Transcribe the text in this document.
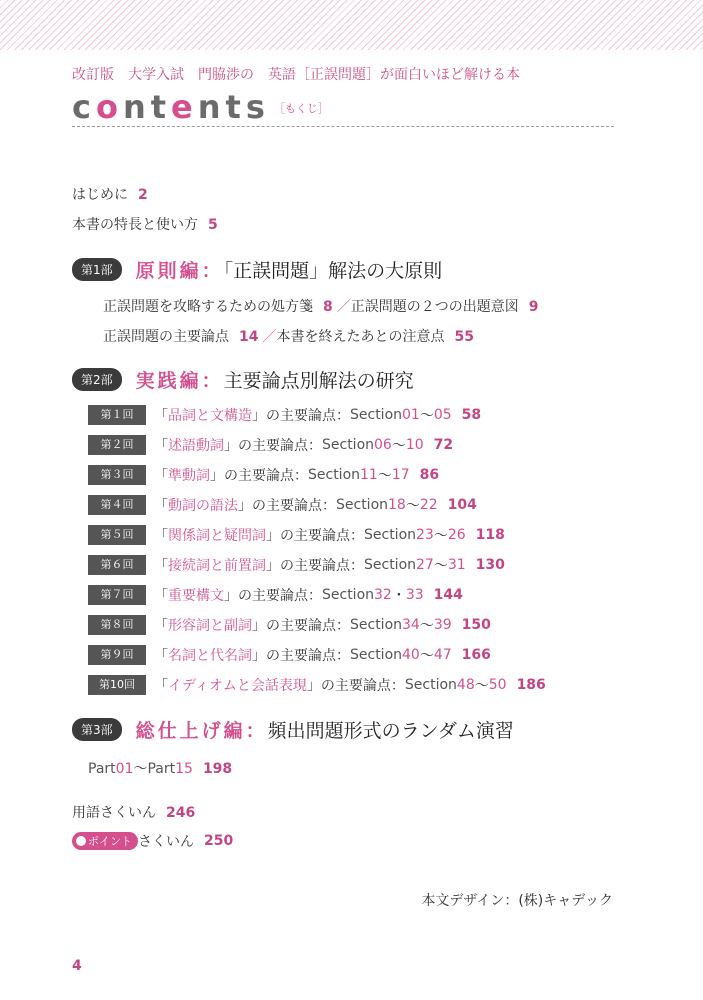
改訂版　大学入試　門脇渉の　英語［正誤問題］が面白いほど解ける本
contents $^{[もくじ]}$
はじめに 2
本書の特長と使い方 5
第1部 原則編：「正誤問題」解法の大原則
正誤問題を攻略するための処方箋 8 ／正誤問題の２つの出題意図 9
正誤問題の主要論点 14 ／本書を終えたあとの注意点 55
第2部 実践編：主要論点別解法の研究
第１回 「品詞と文構造」の主要論点：Section01～05 58
第２回 「述語動詞」の主要論点：Section06～10 72
第３回 「準動詞」の主要論点：Section11～17 86
第４回 「動詞の語法」の主要論点：Section18～22 104
第５回 「関係詞と疑問詞」の主要論点：Section23～26 118
第６回 「接続詞と前置詞」の主要論点：Section27～31 130
第７回 「重要構文」の主要論点：Section32・33 144
第８回 「形容詞と副詞」の主要論点：Section34～39 150
第９回 「名詞と代名詞」の主要論点：Section40～47 166
第10回 「イディオムと会話表現」の主要論点：Section48～50 186
第3部 総仕上げ編：頻出問題形式のランダム演習
Part01～Part15 198
用語さくいん 246
ポイント さくいん 250
本文デザイン：(株)キャデック
4
